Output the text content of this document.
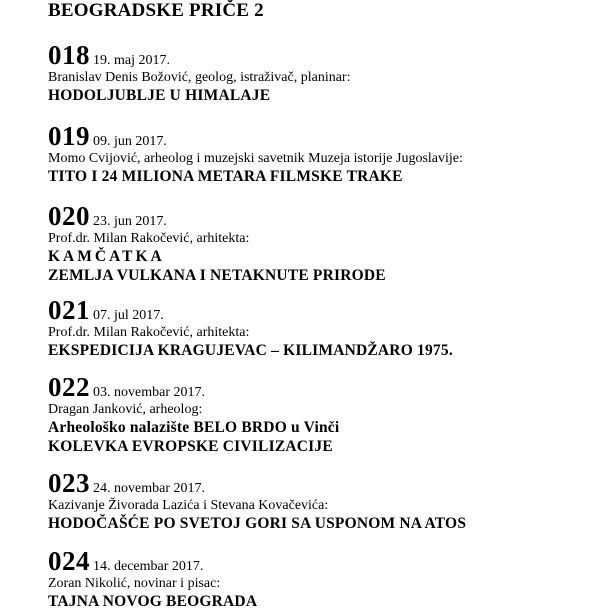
BEOGRADSKE PRIČE 2
018 19. maj 2017.
Branislav Denis Božović, geolog, istraživač, planinar:
HODOLJUBLJE U HIMALAJE
019 09. jun 2017.
Momo Cvijović, arheolog i muzejski savetnik Muzeja istorije Jugoslavije:
TITO I 24 MILIONA METARA FILMSKE TRAKE
020 23. jun 2017.
Prof.dr. Milan Rakočević, arhitekta:
KAMČATKA
ZEMLJA VULKANA I NETAKNUTE PRIRODE
021 07. jul 2017.
Prof.dr. Milan Rakočević, arhitekta:
EKSPEDICIJA KRAGUJEVAC – KILIMANDŽARO 1975.
022 03. novembar 2017.
Dragan Janković, arheolog:
Arheološko nalazište BELO BRDO u Vinči
KOLEVKA EVROPSKE CIVILIZACIJE
023 24. novembar 2017.
Kazivanje Živorada Lazića i Stevana Kovačevića:
HODOČAŠĆE PO SVETOJ GORI SA USPONOM NA ATOS
024 14. decembar 2017.
Zoran Nikolić, novinar i pisac:
TAJNA NOVOG BEOGRADA
